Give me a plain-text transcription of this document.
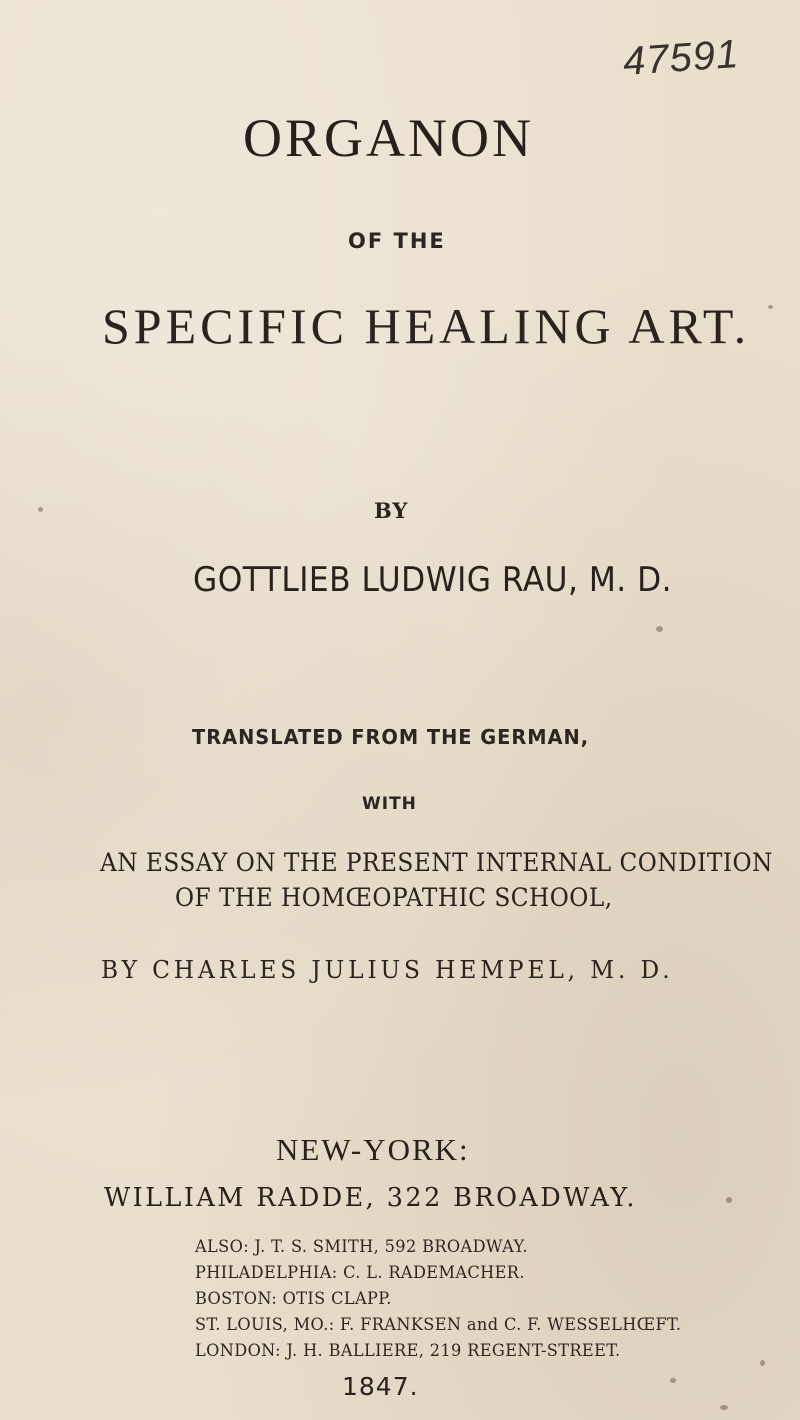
47591
ORGANON
OF THE
SPECIFIC HEALING ART.
BY
GOTTLIEB LUDWIG RAU, M. D.
TRANSLATED FROM THE GERMAN,
WITH
AN ESSAY ON THE PRESENT INTERNAL CONDITION
OF THE HOMŒOPATHIC SCHOOL,
BY CHARLES JULIUS HEMPEL, M. D.
NEW-YORK:
WILLIAM RADDE, 322 BROADWAY.
ALSO: J. T. S. SMITH, 592 BROADWAY.
PHILADELPHIA: C. L. RADEMACHER.
BOSTON: OTIS CLAPP.
ST. LOUIS, MO.: F. FRANKSEN and C. F. WESSELHŒFT.
LONDON: J. H. BALLIERE, 219 REGENT-STREET.
1847.
